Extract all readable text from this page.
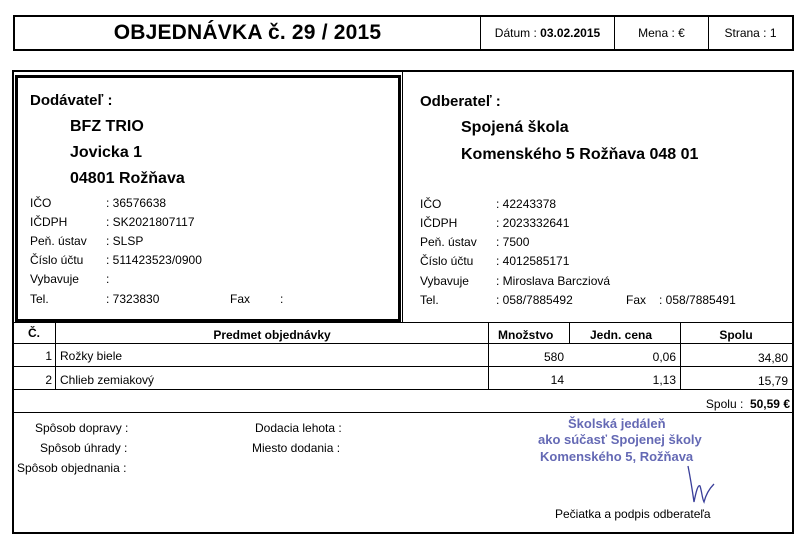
OBJEDNÁVKA č. 29 / 2015	Dátum :
03.02.2015	Mena : €	Strana : 1
Dodávateľ :
BFZ TRIO
Jovicka 1
04801 Rožňava
IČO	: 36576638
IČDPH	: SK2021807117
Peň. ústav : SLSP
Číslo účtu : 511423523/0900
Vybavuje :
Tel.	: 7323830	Fax :
Odberateľ :
Spojená škola
Komenského 5 Rožňava 048 01
IČO	: 42243378
IČDPH	: 2023332641
Peň. ústav : 7500
Číslo účtu : 4012585171
Vybavuje : Miroslava Barcziová
Tel.	: 058/7885492	Fax : 058/7885491
Č.	Predmet objednávky	Množstvo	Jedn. cena	Spolu
1 Rožky biele	580	0,06	34,80
2 Chlieb zemiakový	14	1,13	15,79
Spolu : 50,59 €
Spôsob dopravy :
Spôsob úhrady :
Spôsob objednania :
Dodacia lehota :
Miesto dodania :
Školská jedáleň
ako súčasť Spojenej školy
Komenského 5, Rožňava
Pečiatka a podpis odberateľa
